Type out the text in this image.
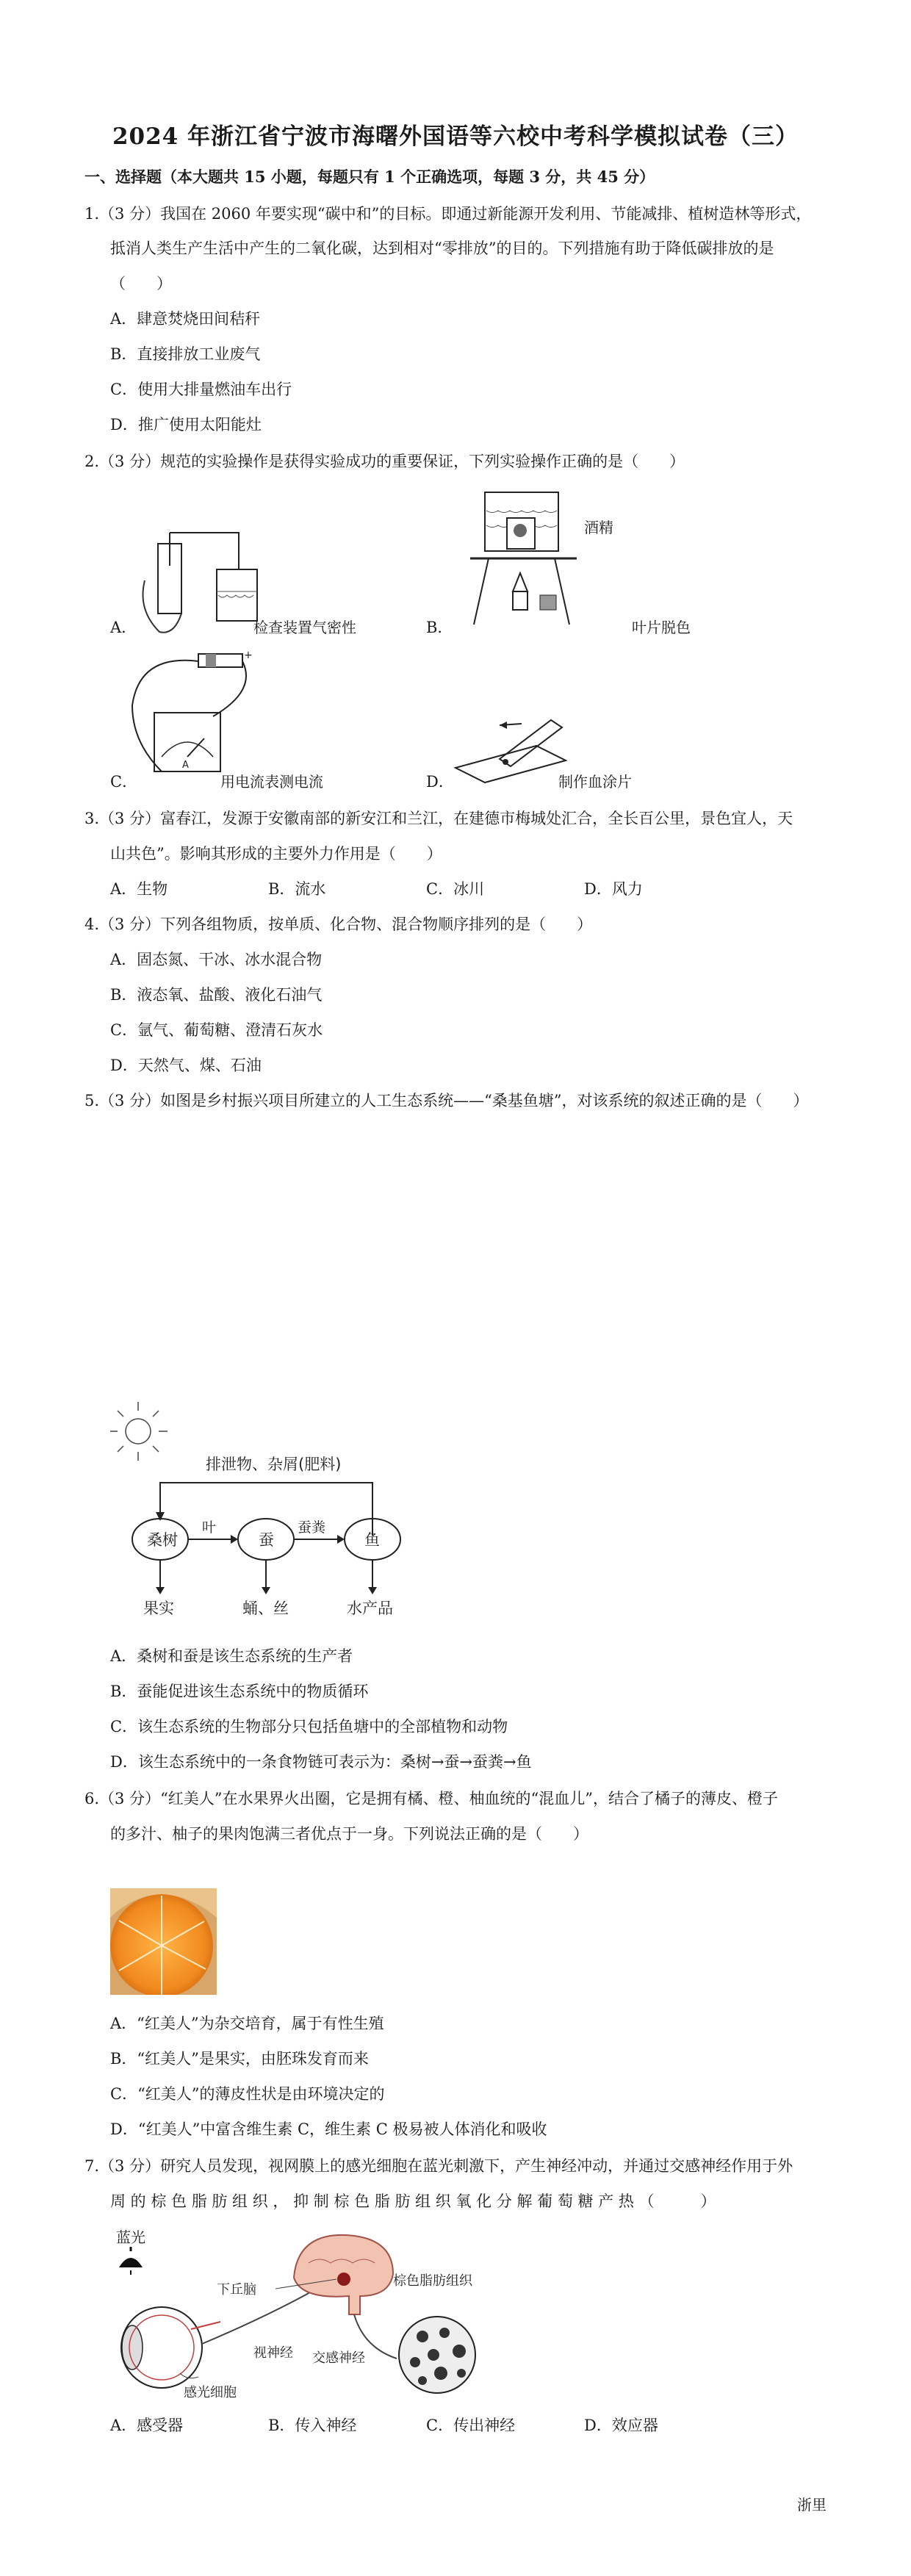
2024 年浙江省宁波市海曙外国语等六校中考科学模拟试卷（三）
一、选择题（本大题共 15 小题，每题只有 1 个正确选项，每题 3 分，共 45 分）
1.（3 分）我国在 2060 年要实现“碳中和”的目标。即通过新能源开发利用、节能减排、植树造林等形式，
抵消人类生产生活中产生的二氧化碳，达到相对“零排放”的目的。下列措施有助于降低碳排放的是
（　　）
A．肆意焚烧田间秸秆
B．直接排放工业废气
C．使用大排量燃油车出行
D．推广使用太阳能灶
2.（3 分）规范的实验操作是获得实验成功的重要保证，下列实验操作正确的是（　　）
A．	检查装置气密性	B．
酒精
叶片脱色
C．
+
A
用电流表测电流	D．	制作血涂片
3.（3 分）富春江，发源于安徽南部的新安江和兰江，在建德市梅城处汇合，全长百公里，景色宜人，天
山共色”。影响其形成的主要外力作用是（　　）
A．生物	B．流水	C．冰川	D．风力
4.（3 分）下列各组物质，按单质、化合物、混合物顺序排列的是（　　）
A．固态氮、干冰、冰水混合物
B．液态氧、盐酸、液化石油气
C．氩气、葡萄糖、澄清石灰水
D．天然气、煤、石油
5.（3 分）如图是乡村振兴项目所建立的人工生态系统——“桑基鱼塘”，对该系统的叙述正确的是（　　）
排泄物、杂屑(肥料)
桑树	蚕	鱼
叶	蚕粪
果实	蛹、丝	水产品
A．桑树和蚕是该生态系统的生产者
B．蚕能促进该生态系统中的物质循环
C．该生态系统的生物部分只包括鱼塘中的全部植物和动物
D．该生态系统中的一条食物链可表示为：桑树→蚕→蚕粪→鱼
6.（3 分）“红美人”在水果界火出圈，它是拥有橘、橙、柚血统的“混血儿”，结合了橘子的薄皮、橙子
的多汁、柚子的果肉饱满三者优点于一身。下列说法正确的是（　　）
A．“红美人”为杂交培育，属于有性生殖
B．“红美人”是果实，由胚珠发育而来
C．“红美人”的薄皮性状是由环境决定的
D．“红美人”中富含维生素 C，维生素 C 极易被人体消化和吸收
7.（3 分）研究人员发现，视网膜上的感光细胞在蓝光刺激下，产生神经冲动，并通过交感神经作用于外
周 的 棕 色 脂 肪 组 织 ， 抑 制 棕 色 脂 肪 组 织 氧 化 分 解 葡 萄 糖 产 热 （　　　）
蓝光
下丘脑
棕色脂肪组织
视神经 交感神经
感光细胞
A．感受器	B．传入神经	C．传出神经	D．效应器
浙里
